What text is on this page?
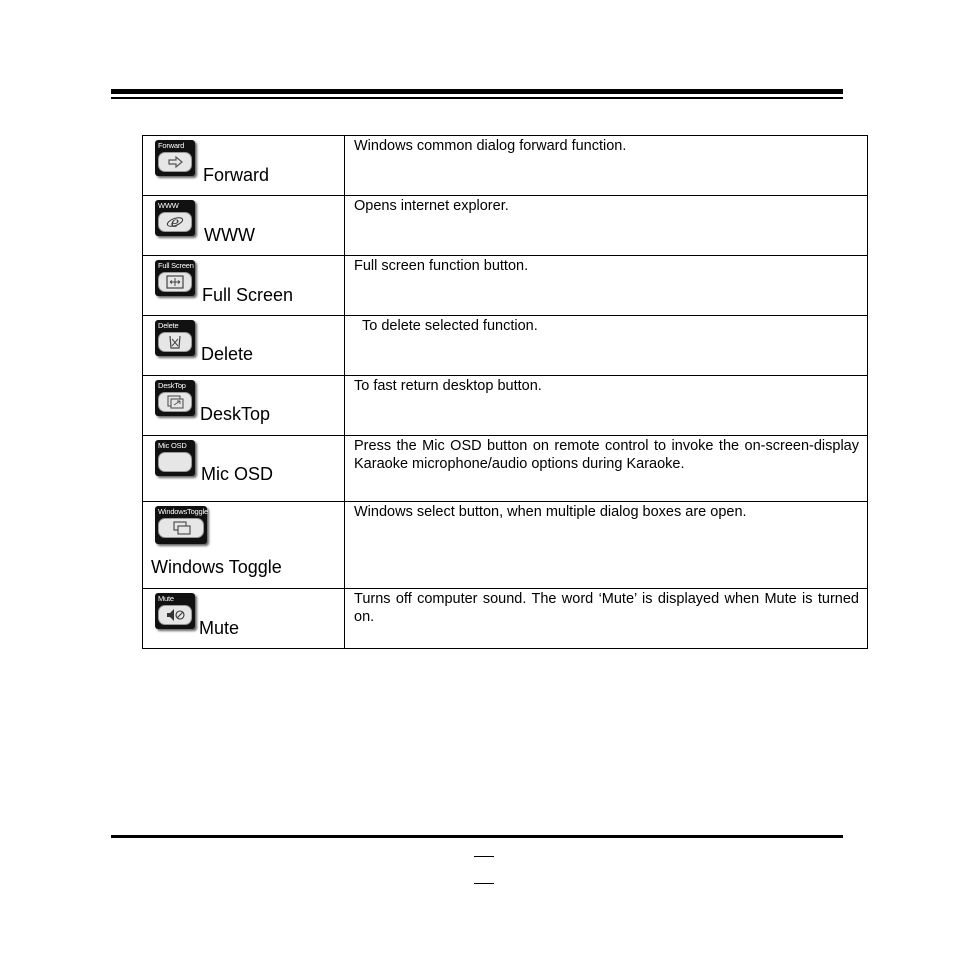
Forward
Forward	Windows common dialog forward function.

WWW
e
WWW	Opens internet explorer.

Full Screen
Full Screen	Full screen function button.

Delete
Delete	To delete selected function.

DeskTop
DeskTop	To fast return desktop button.

Mic OSD
Mic OSD	Press the Mic OSD button on remote control to invoke the on-screen-display Karaoke microphone/audio options during Karaoke.

WindowsToggle
Windows Toggle	Windows select button, when multiple dialog boxes are open.

Mute
Mute	Turns off computer sound. The word ‘Mute’ is displayed when Mute is turned on.
